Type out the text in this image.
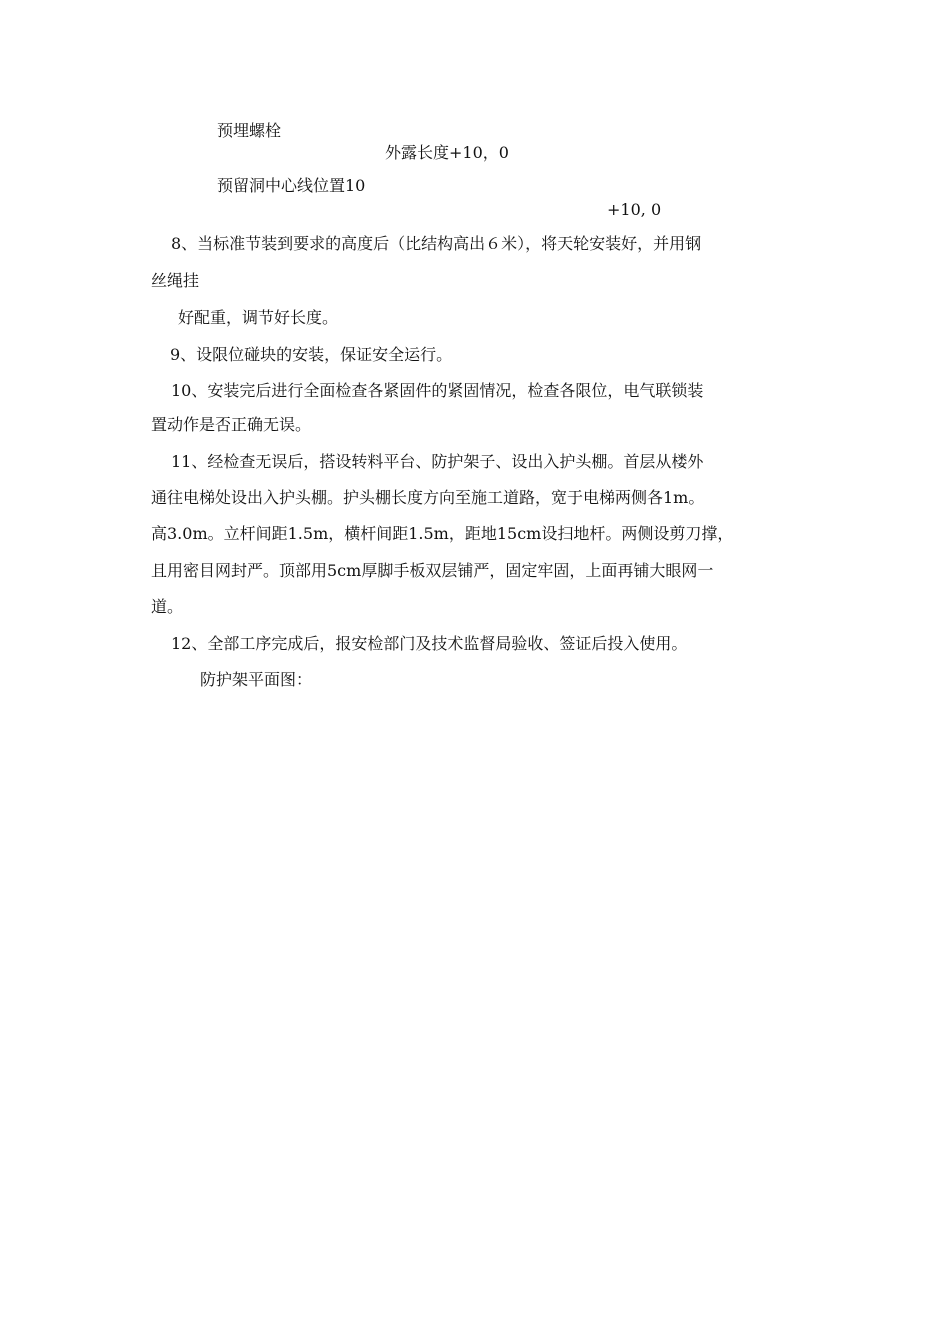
预埋螺栓

外露长度+10，0

预留洞中心线位置10

+10, 0

8、当标准节装到要求的高度后（比结构高出６米），将天轮安装好，并用钢

丝绳挂

好配重，调节好长度。

9、设限位碰块的安装，保证安全运行。

10、安装完后进行全面检查各紧固件的紧固情况，检查各限位，电气联锁装

置动作是否正确无误。

11、经检查无误后，搭设转料平台、防护架子、设出入护头棚。首层从楼外

通往电梯处设出入护头棚。护头棚长度方向至施工道路，宽于电梯两侧各1m。

高3.0m。立杆间距1.5m，横杆间距1.5m，距地15cm设扫地杆。两侧设剪刀撑，

且用密目网封严。顶部用5cm厚脚手板双层铺严，固定牢固，上面再铺大眼网一

道。

12、全部工序完成后，报安检部门及技术监督局验收、签证后投入使用。

防护架平面图：
